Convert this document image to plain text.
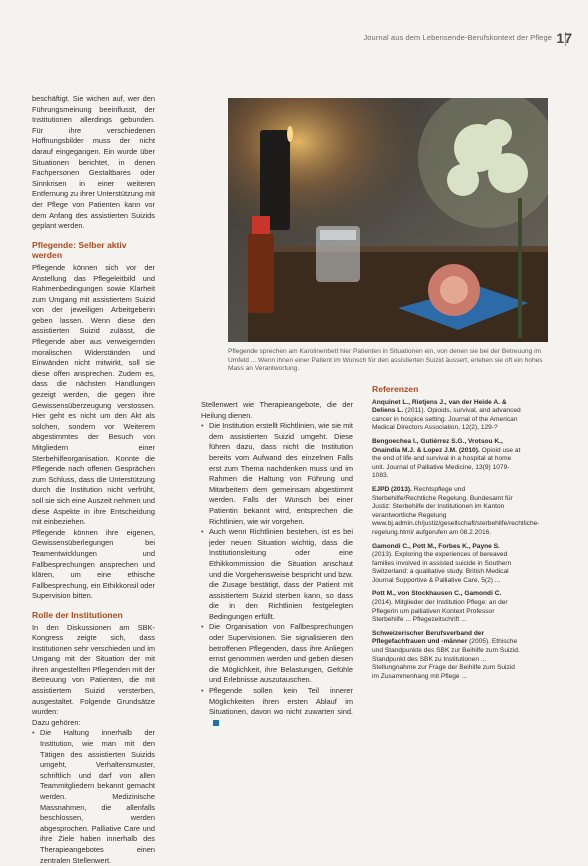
Journal aus dem Lebensende-Berufskontext der Pflege 17

beschäftigt. Sie wichen auf, wer den Führungsmeinung beeinflusst, der Institutionen allerdings gebunden. Für ihre verschiedenen Hoffnungsbilder muss der nicht darauf eingegangen. Ein wurde über Situationen berichtet, in denen Fachpersonen Gestaltbares oder Sinnkrisen in einer weiteren Entfernung zu ihrer Unterstützung mit der Pflege von Patienten kann vor dem Anfang des assistierten Suizids geplant werden.

Pflegende: Selber aktiv werden

Pflegende können sich vor der Anstellung das Pflegeleitbild und Rahmenbedingungen sowie Klarheit zum Umgang mit assistiertem Suizid von der jeweiligen Arbeitgeberin geben lassen. Wenn diese den assistierten Suizid zulässt, die Pflegende aber aus verweigernden moralischen Widerständen und Einwänden nicht mitwirkt, soll sie diese offen ansprechen. Zudem es, dass die nächsten Handlungen gezeigt werden, die gegen ihre Gewissensüberzeugung verstossen. Hier geht es nicht um den Akt als solchen, sondern vor Weiterem abgestimmtes der Besuch von Mitgliedern einer Sterbehilfeorganisation. Konnte die Pflegende nach offenen Gesprächen zum Schluss, dass die Unterstützung durch die Institution nicht verfrüht, soll sie sich eine Auszeit nehmen und diese Aspekte in ihre Entscheidung mit einbeziehen.

Pflegende können ihre eigenen, Gewissensüberlegungen bei Teamentwicklungen und Fallbesprechungen ansprechen und klären, um eine ethische Fallbesprechung, ein Ethikkonsil oder Supervision bitten.

Rolle der Institutionen

In den Diskussionen am SBK-Kongress zeigte sich, dass Institutionen sehr verschieden und im Umgang mit der Situation der mit ihren angestellten Pflegenden mit der Betreuung von Patienten, die mit assistiertem Suizid versterben, ausgestaltet. Folgende Grundsätze wurden:

Dazu gehören:

• Die Haltung innerhalb der Institution, wie man mit den Tätigen des assistierten Suizids umgeht, Verhaltensmuster, schriftlich und darf von allen Teammitgliedern bekannt gemacht werden. Medizinische Massnahmen, die allenfalls beschlossen, werden abgesprochen. Palliative Care und ihre Ziele haben innerhalb des Therapieangebotes einen zentralen Stellenwert.
Pflegende sprechen am Karolinenbett hier Patienten in Situationen ein, von denen sie bei der Betreuung im Umfeld ... Wenn ihnen einer Patient im Wunsch für den assistierten Suizid äussert, erleben sie oft ein hohes Mass an Verantwortung.

Stellenwert wie Therapieangebote, die der Heilung dienen.

• Die Institution erstellt Richtlinien, wie sie mit dem assistierten Suizid umgeht. Diese führen dazu, dass nicht die Institution bereits vom Aufwand des einzelnen Falls erst zum Thema nachdenken muss und im Rahmen die Haltung von Führung und Mitarbeitern dem gemeinsam abgestimmt werden. Falls der Wunsch bei einer Patientin bekannt wird, entsprechen die Richtlinien, wie wir vorgehen.
• Auch wenn Richtlinien bestehen, ist es bei jeder neuen Situation wichtig, dass die Institutionsleitung oder eine Ethikkommission die Situation anschaut und die Vorgehensweise bespricht und bzw. die Zusage bestätigt, dass der Patient mit assistiertem Suizid sterben kann, so dass die in den Richtlinien festgelegten Bedingungen erfüllt.
• Die Organisation von Fallbesprechungen oder Supervisionen. Sie signalisieren den betroffenen Pflegenden, dass ihre Anliegen ernst genommen werden und geben diesen die Möglichkeit, ihre Belastungen, Gefühle und Erlebnisse auszutauschen.
• Pflegende sollen kein Teil innerer Möglichkeiten ihren ersten Ablauf im Situationen, davon wo nicht zuwarten sind.
Referenzen
Anquinet L., Rietjens J., van der Heide A. & Deliens L. (2011). Opioids, survival, and advanced cancer in hospice setting. Journal of the American Medical Directors Association, 12(2), 129-?
Bengoechea I., Gutiérrez S.G., Vrotsou K., Onaindia M.J. & Lopez J.M. (2010). Opioid use at the end of life and survival in a hospital at home unit. Journal of Palliative Medicine, 13(9) 1079-1083.
EJPD (2013). Rechtspflege und Sterbehilfe/Rechtliche Regelung. Bundesamt für Justiz: Sterbehilfe der Institutionen im Kanton verantwortliche Regelung www.bj.admin.ch/justiz/gesellschaft/sterbehilfe/rechtliche-regelung.html/ aufgerufen am 08.2.2016.
Gamondi C., Pott M., Forbes K., Payne S. (2013). Exploring the experiences of bereaved families involved in assisted suicide in Southern Switzerland: a qualitative study. British Medical Journal Supportive & Palliative Care, 5(2) ...
Pott M., von Stockhausen C., Gamondi C. (2014). Mitglieder der Institution Pflege: an der Pflegerin um palliativen Kontext Professor Sterbehilfe ... Pflegezeitschrift ...
Schweizerischer Berufsverband der Pflegefachfrauen und -männer (2005). Ethische und Standpunkte des SBK zur Beihilfe zum Suizid. Standpunkt des SBK zu Institutionen ... Stellungnahme zur Frage der Beihilfe zum Suizid im Zusammenhang mit Pflege ...
